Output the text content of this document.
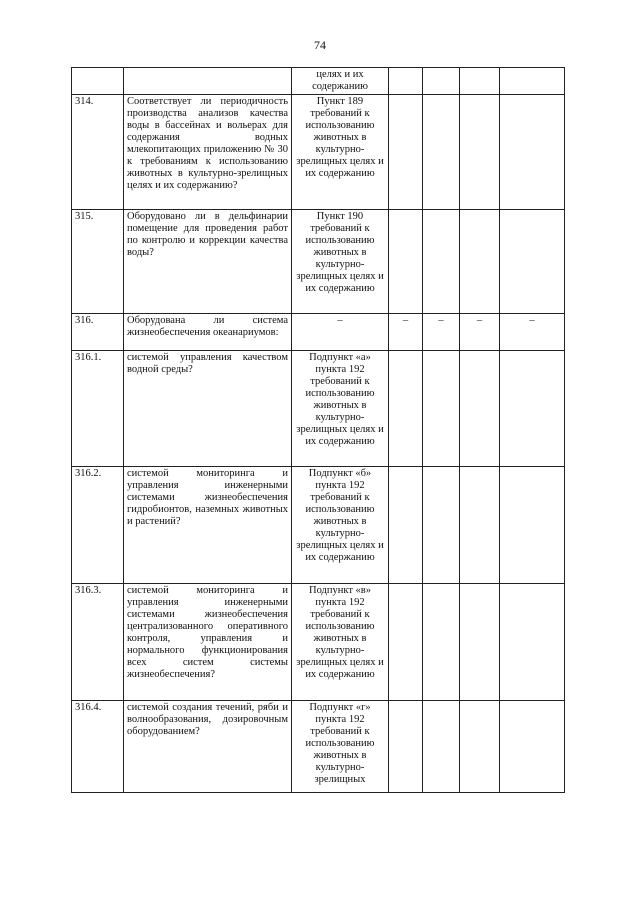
74
		целях и их содержанию				
314.	Соответствует ли периодичность производства анализов качества воды в бассейнах и вольерах для содержания водных млекопитающих приложению № 30 к требованиям к использованию животных в культурно-зрелищных целях и их содержанию?	Пункт 189 требований к использованию животных в культурно-зрелищных целях и их содержанию				
315.	Оборудовано ли в дельфинарии помещение для проведения работ по контролю и коррекции качества воды?	Пункт 190 требований к использованию животных в культурно-зрелищных целях и их содержанию				
316.	Оборудована ли система жизнеобеспечения океанариумов:	–	–	–	–	–
316.1.	системой управления качеством водной среды?	Подпункт «а» пункта 192 требований к использованию животных в культурно-зрелищных целях и их содержанию				
316.2.	системой мониторинга и управления инженерными системами жизнеобеспечения гидробионтов, наземных животных и растений?	Подпункт «б» пункта 192 требований к использованию животных в культурно-зрелищных целях и их содержанию				
316.3.	системой мониторинга и управления инженерными системами жизнеобеспечения централизованного оперативного контроля, управления и нормального функционирования всех систем системы жизнеобеспечения?	Подпункт «в» пункта 192 требований к использованию животных в культурно-зрелищных целях и их содержанию				
316.4.	системой создания течений, ряби и волнообразования, дозировочным оборудованием?	Подпункт «г» пункта 192 требований к использованию животных в культурно-зрелищных				
